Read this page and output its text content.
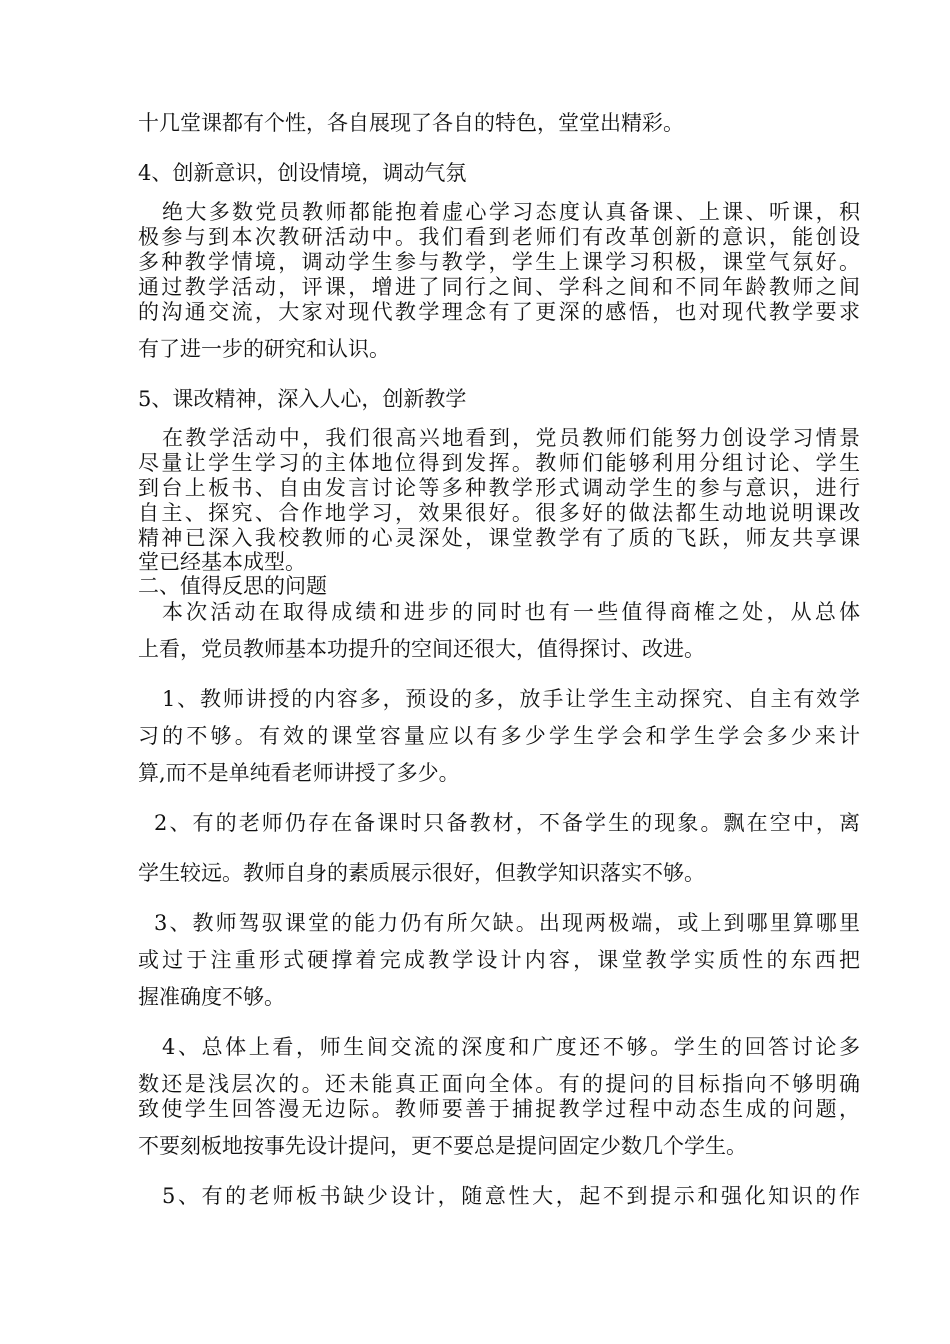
十几堂课都有个性，各自展现了各自的特色，堂堂出精彩。
4、创新意识，创设情境，调动气氛
绝大多数党员教师都能抱着虚心学习态度认真备课、上课、听课，积
极参与到本次教研活动中。我们看到老师们有改革创新的意识，能创设
多种教学情境，调动学生参与教学，学生上课学习积极，课堂气氛好。
通过教学活动，评课，增进了同行之间、学科之间和不同年龄教师之间
的沟通交流，大家对现代教学理念有了更深的感悟，也对现代教学要求
有了进一步的研究和认识。
5、课改精神，深入人心，创新教学
在教学活动中，我们很高兴地看到，党员教师们能努力创设学习情景
尽量让学生学习的主体地位得到发挥。教师们能够利用分组讨论、学生
到台上板书、自由发言讨论等多种教学形式调动学生的参与意识，进行
自主、探究、合作地学习，效果很好。很多好的做法都生动地说明课改
精神已深入我校教师的心灵深处，课堂教学有了质的飞跃，师友共享课
堂已经基本成型。
二、值得反思的问题
本次活动在取得成绩和进步的同时也有一些值得商榷之处，从总体
上看，党员教师基本功提升的空间还很大，值得探讨、改进。
1、教师讲授的内容多，预设的多，放手让学生主动探究、自主有效学
习的不够。有效的课堂容量应以有多少学生学会和学生学会多少来计
算,而不是单纯看老师讲授了多少。
2、有的老师仍存在备课时只备教材，不备学生的现象。飘在空中，离
学生较远。教师自身的素质展示很好，但教学知识落实不够。
3、教师驾驭课堂的能力仍有所欠缺。出现两极端，或上到哪里算哪里
或过于注重形式硬撑着完成教学设计内容，课堂教学实质性的东西把
握准确度不够。
4、总体上看，师生间交流的深度和广度还不够。学生的回答讨论多
数还是浅层次的。还未能真正面向全体。有的提问的目标指向不够明确
致使学生回答漫无边际。教师要善于捕捉教学过程中动态生成的问题，
不要刻板地按事先设计提问，更不要总是提问固定少数几个学生。
5、有的老师板书缺少设计，随意性大，起不到提示和强化知识的作
